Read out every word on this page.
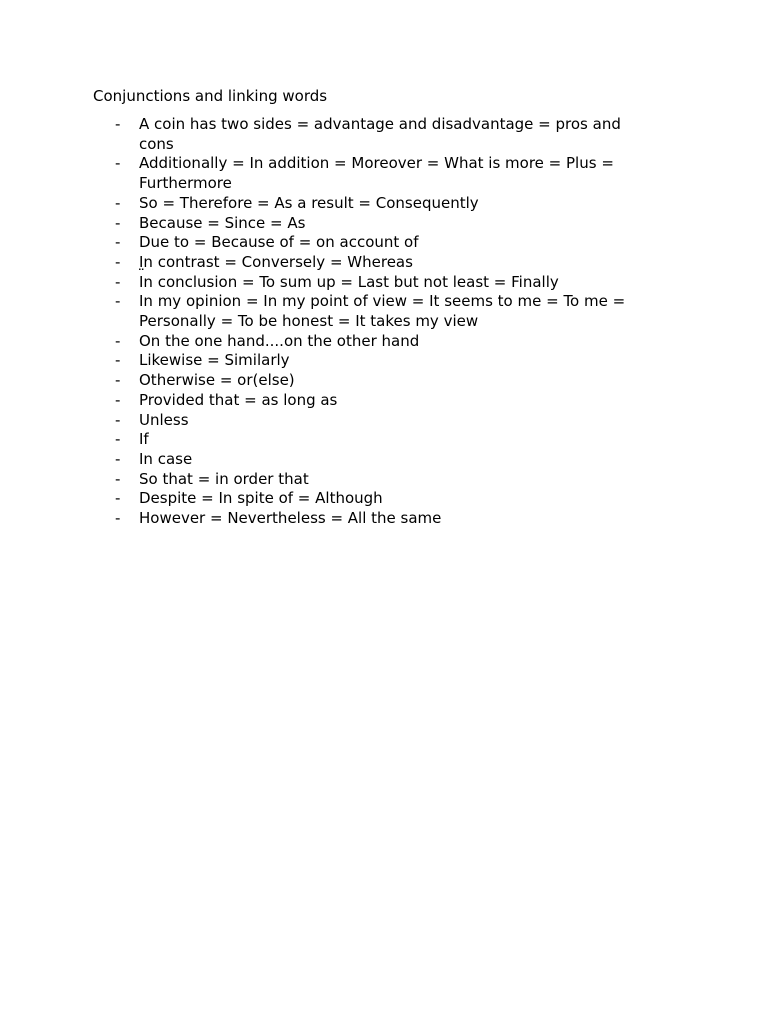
Conjunctions and linking words
- A coin has two sides = advantage and disadvantage = pros and cons
- Additionally = In addition = Moreover = What is more = Plus = Furthermore
- So = Therefore = As a result = Consequently
- Because = Since = As
- Due to = Because of = on account of
- I̤n contrast = Conversely = Whereas
- In conclusion = To sum up = Last but not least = Finally
- In my opinion = In my point of view = It seems to me = To me = Personally = To be honest = It takes my view
- On the one hand....on the other hand
- Likewise = Similarly
- Otherwise = or(else)
- Provided that = as long as
- Unless
- If
- In case
- So that = in order that
- Despite = In spite of = Although
- However = Nevertheless = All the same
